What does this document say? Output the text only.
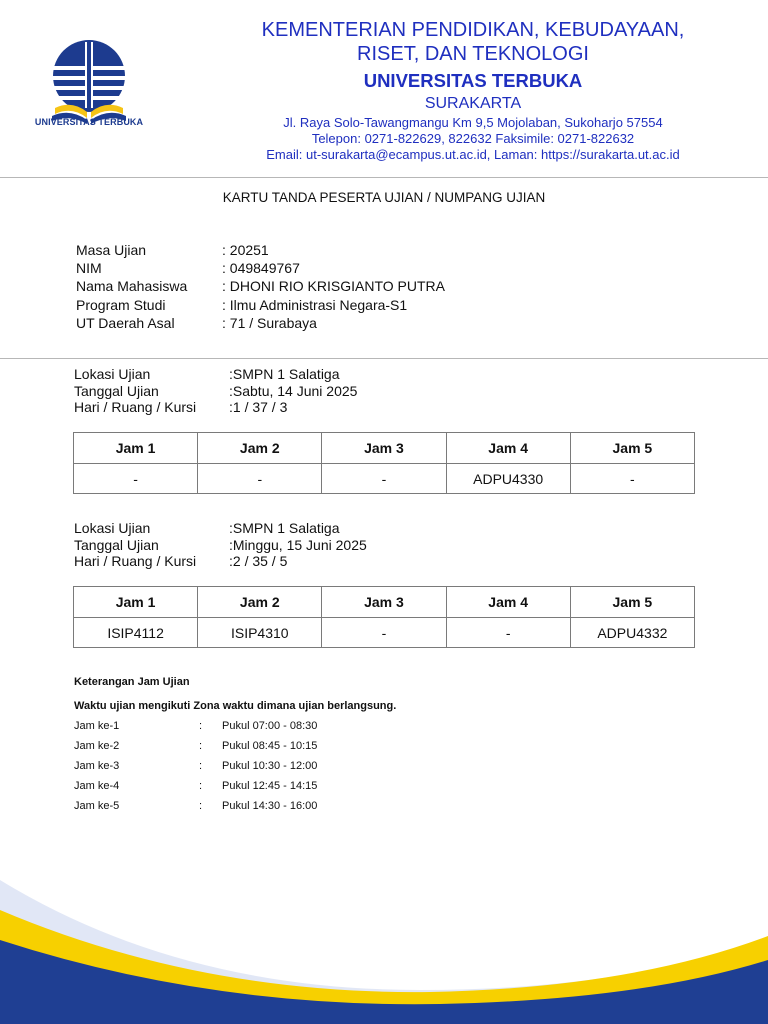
UNIVERSITAS TERBUKA
KEMENTERIAN PENDIDIKAN, KEBUDAYAAN,
RISET, DAN TEKNOLOGI
UNIVERSITAS TERBUKA
SURAKARTA
Jl. Raya Solo-Tawangmangu Km 9,5 Mojolaban, Sukoharjo 57554
Telepon: 0271-822629, 822632 Faksimile: 0271-822632
Email: ut-surakarta@ecampus.ut.ac.id, Laman: https://surakarta.ut.ac.id
KARTU TANDA PESERTA UJIAN / NUMPANG UJIAN
Masa Ujian	: 20251
NIM	: 049849767
Nama Mahasiswa	: DHONI RIO KRISGIANTO PUTRA
Program Studi	: Ilmu Administrasi Negara-S1
UT Daerah Asal	: 71 / Surabaya
Lokasi Ujian	:SMPN 1 Salatiga
Tanggal Ujian	:Sabtu, 14 Juni 2025
Hari / Ruang / Kursi	:1 / 37 / 3
Jam 1	Jam 2	Jam 3	Jam 4	Jam 5
-	-	-	ADPU4330	-
Lokasi Ujian	:SMPN 1 Salatiga
Tanggal Ujian	:Minggu, 15 Juni 2025
Hari / Ruang / Kursi	:2 / 35 / 5
Jam 1	Jam 2	Jam 3	Jam 4	Jam 5
ISIP4112	ISIP4310	-	-	ADPU4332
Keterangan Jam Ujian
Waktu ujian mengikuti Zona waktu dimana ujian berlangsung.
Jam ke-1	:	Pukul 07:00 - 08:30
Jam ke-2	:	Pukul 08:45 - 10:15
Jam ke-3	:	Pukul 10:30 - 12:00
Jam ke-4	:	Pukul 12:45 - 14:15
Jam ke-5	:	Pukul 14:30 - 16:00
